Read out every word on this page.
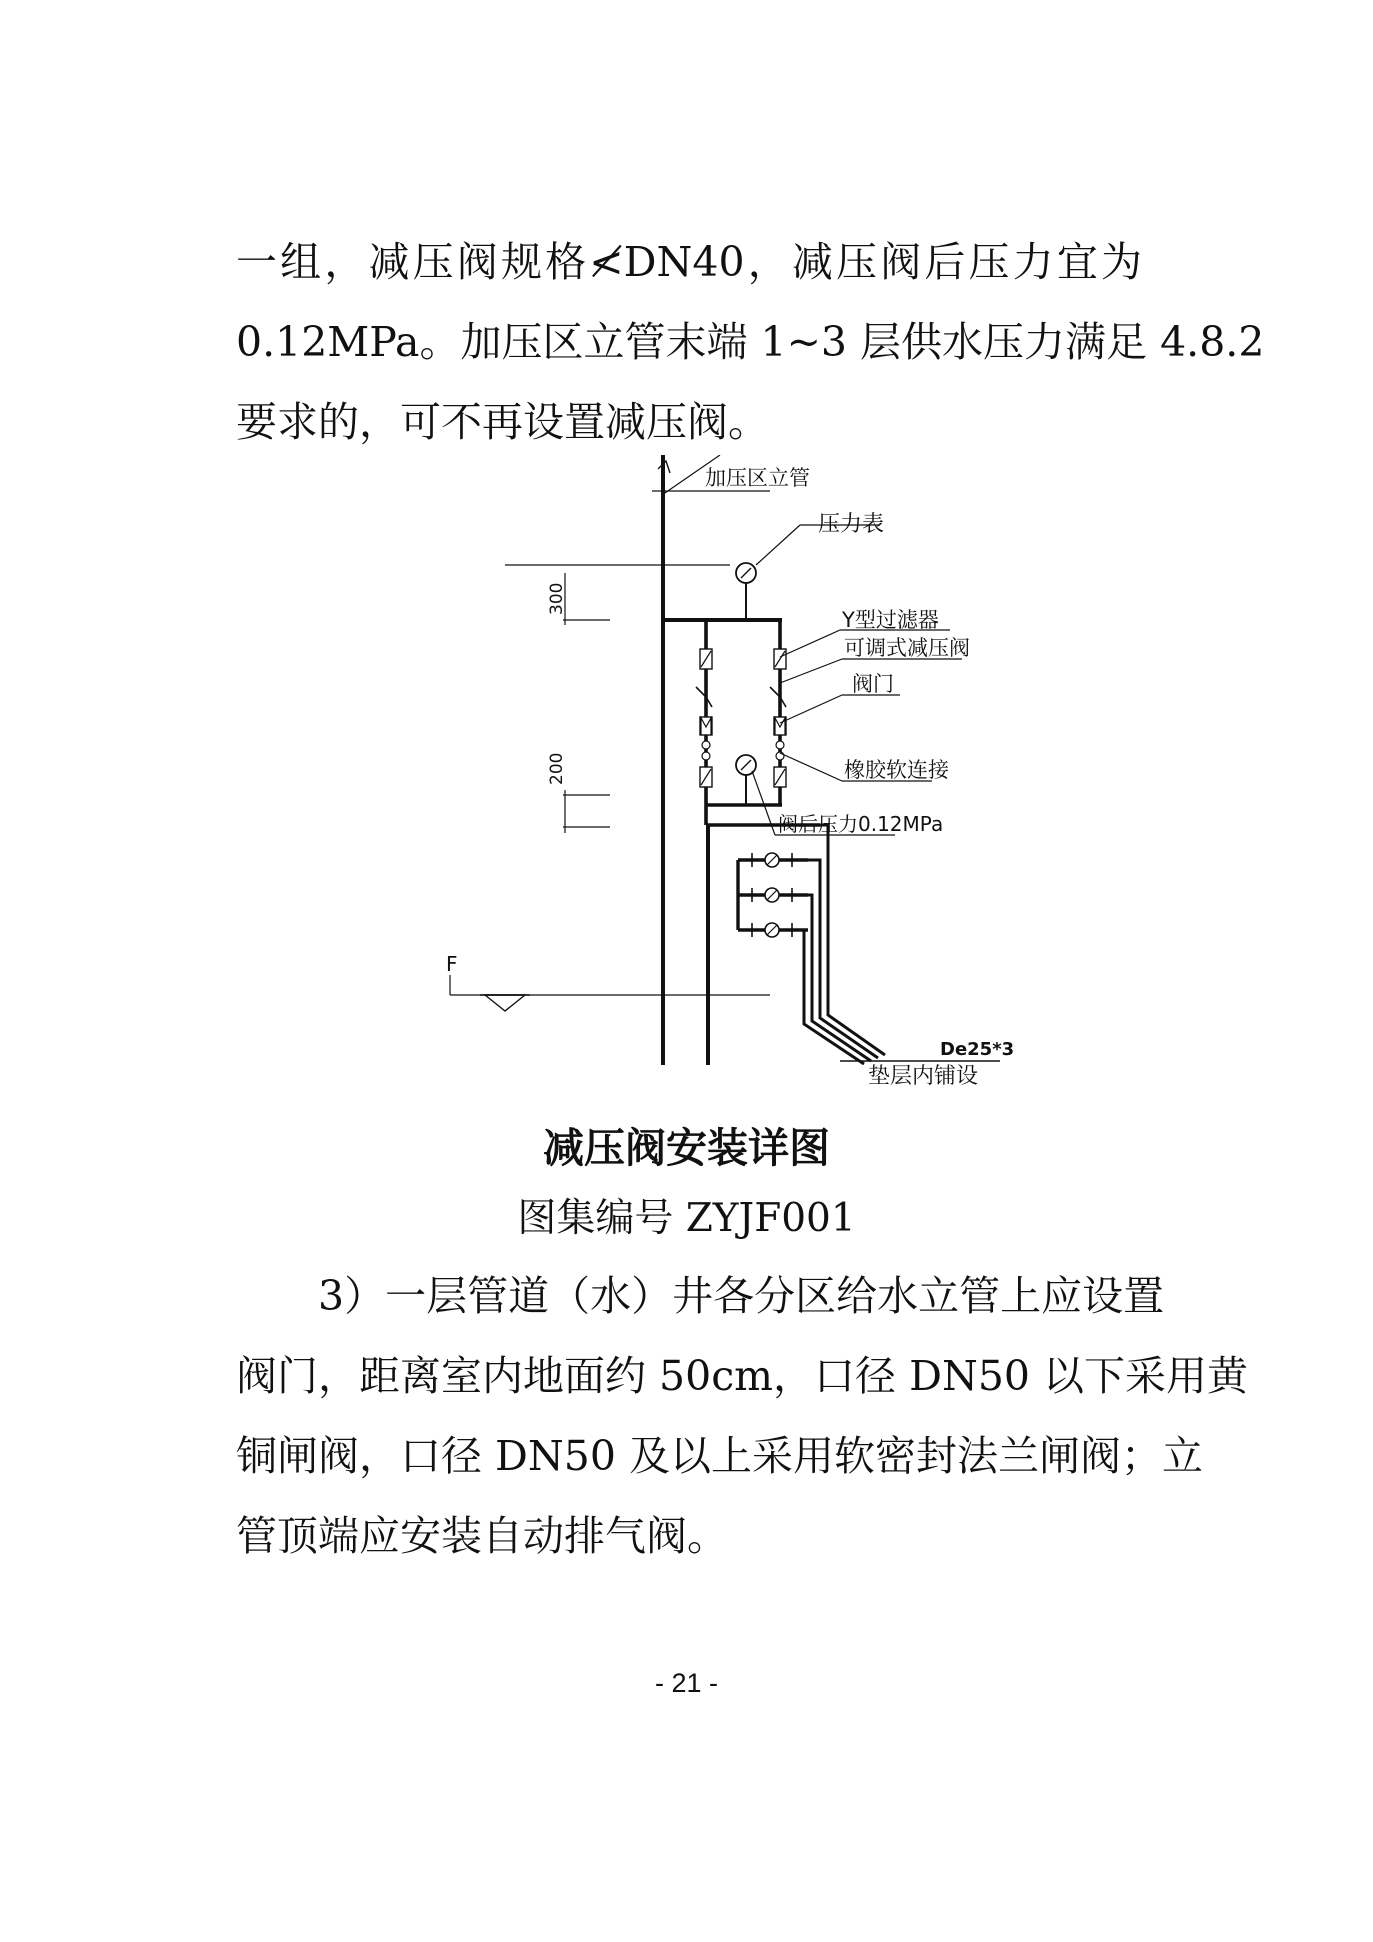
一组，减压阀规格≮DN40，减压阀后压力宜为
0.12MPa。加压区立管末端 1~3 层供水压力满足 4.8.2
要求的，可不再设置减压阀。
加压区立管
压力表
Y型过滤器
可调式减压阀
阀门
橡胶软连接
阀后压力0.12MPa
De25*3
垫层内铺设
F
300
200
减压阀安装详图
图集编号 ZYJF001
3）一层管道（水）井各分区给水立管上应设置
阀门，距离室内地面约 50cm，口径 DN50 以下采用黄
铜闸阀，口径 DN50 及以上采用软密封法兰闸阀；立
管顶端应安装自动排气阀。
- 21 -
